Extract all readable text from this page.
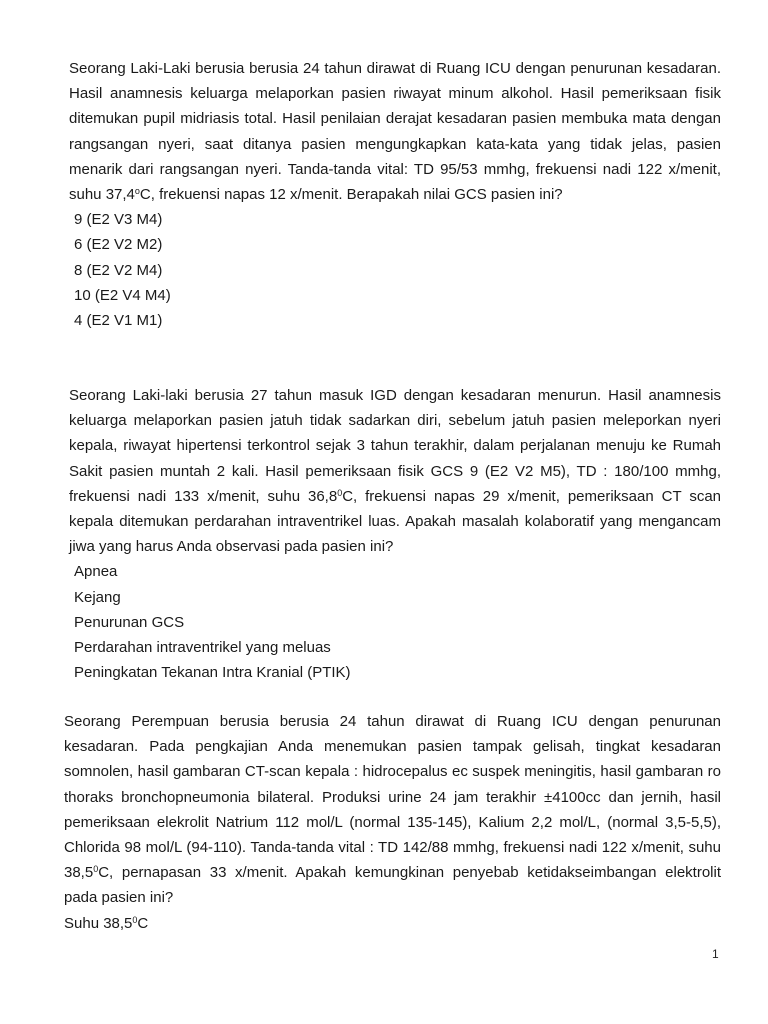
Seorang Laki-Laki berusia berusia 24 tahun dirawat di Ruang ICU dengan penurunan kesadaran. Hasil anamnesis keluarga melaporkan pasien riwayat minum alkohol. Hasil pemeriksaan fisik ditemukan pupil midriasis total. Hasil penilaian derajat kesadaran pasien membuka mata dengan rangsangan nyeri, saat ditanya pasien mengungkapkan kata-kata yang tidak jelas, pasien menarik dari rangsangan nyeri. Tanda-tanda vital: TD 95/53 mmhg, frekuensi nadi 122 x/menit, suhu 37,4$^o$C, frekuensi napas 12 x/menit. Berapakah nilai GCS pasien ini?

9 (E2 V3 M4)
6 (E2 V2 M2)
8 (E2 V2 M4)
10 (E2 V4 M4)
4 (E2 V1 M1)

Seorang Laki-laki berusia 27 tahun masuk IGD dengan kesadaran menurun. Hasil anamnesis keluarga melaporkan pasien jatuh tidak sadarkan diri, sebelum jatuh pasien meleporkan nyeri kepala, riwayat hipertensi terkontrol sejak 3 tahun terakhir, dalam perjalanan menuju ke Rumah Sakit pasien muntah 2 kali. Hasil pemeriksaan fisik GCS 9 (E2 V2 M5), TD : 180/100 mmhg, frekuensi nadi 133 x/menit, suhu 36,8$^0$C, frekuensi napas 29 x/menit, pemeriksaan CT scan kepala ditemukan perdarahan intraventrikel luas. Apakah masalah kolaboratif yang mengancam jiwa yang harus Anda observasi pada pasien ini?

Apnea
Kejang
Penurunan GCS
Perdarahan intraventrikel yang meluas
Peningkatan Tekanan Intra Kranial (PTIK)

Seorang Perempuan berusia berusia 24 tahun dirawat di Ruang ICU dengan penurunan kesadaran. Pada pengkajian Anda menemukan pasien tampak gelisah, tingkat kesadaran somnolen, hasil gambaran CT-scan kepala : hidrocepalus ec suspek meningitis, hasil gambaran ro thoraks bronchopneumonia bilateral. Produksi urine 24 jam terakhir ±4100cc dan jernih, hasil pemeriksaan elekrolit Natrium 112 mol/L (normal 135-145), Kalium 2,2 mol/L, (normal 3,5-5,5), Chlorida 98 mol/L (94-110). Tanda-tanda vital : TD 142/88 mmhg, frekuensi nadi 122 x/menit, suhu 38,5$^0$C, pernapasan 33 x/menit. Apakah kemungkinan penyebab ketidakseimbangan elektrolit pada pasien ini?

Suhu 38,5$^0$C

1
